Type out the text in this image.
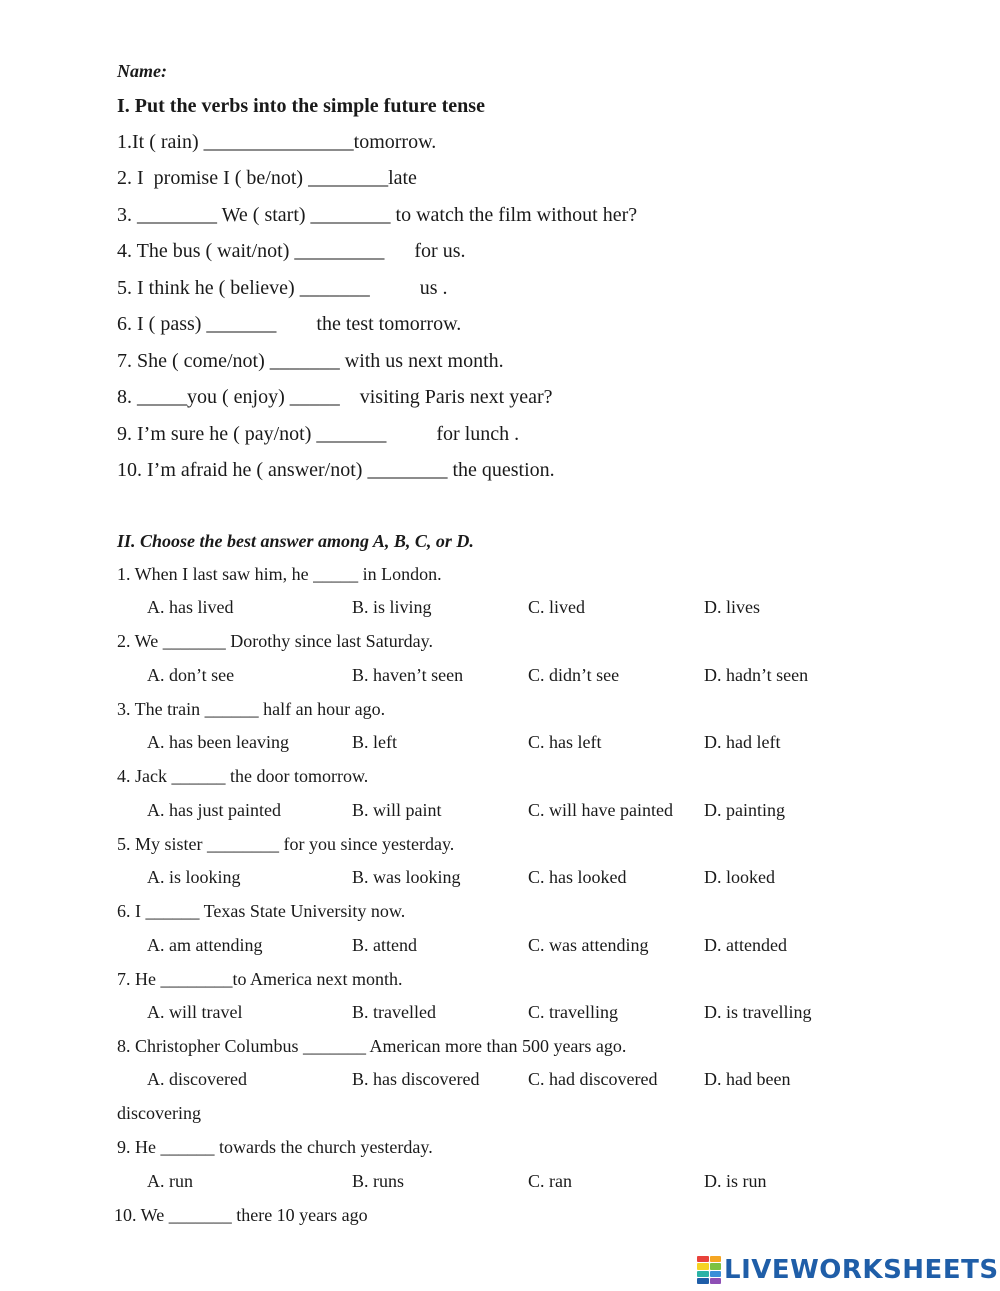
Name:
I. Put the verbs into the simple future tense
1.It ( rain) _______________tomorrow.
2. I  promise I ( be/not) ________late
3. ________ We ( start) ________ to watch the film without her?
4. The bus ( wait/not) _________      for us.
5. I think he ( believe) _______          us .
6. I ( pass) _______        the test tomorrow.
7. She ( come/not) _______ with us next month.
8. _____you ( enjoy) _____    visiting Paris next year?
9. I’m sure he ( pay/not) _______          for lunch .
10. I’m afraid he ( answer/not) ________ the question.
II. Choose the best answer among A, B, C, or D.
1. When I last saw him, he _____ in London.
A. has lived	B. is living	C. lived	D. lives
2. We _______ Dorothy since last Saturday.
A. don’t see	B. haven’t seen	C. didn’t see	D. hadn’t seen
3. The train ______ half an hour ago.
A. has been leaving	B. left	C. has left	D. had left
4. Jack ______ the door tomorrow.
A. has just painted	B. will paint	C. will have painted D. painting
5. My sister ________ for you since yesterday.
A. is looking	B. was looking	C. has looked	D. looked
6. I ______ Texas State University now.
A. am attending	B. attend	C. was attending	D. attended
7. He ________to America next month.
A. will travel	B. travelled	C. travelling	D. is travelling
8. Christopher Columbus _______ American more than 500 years ago.
A. discovered	B. has discovered	C. had discovered	D. had been
discovering
9. He ______ towards the church yesterday.
A. run	B. runs	C. ran	D. is run
10. We _______ there 10 years ago
LIVEWORKSHEETS
